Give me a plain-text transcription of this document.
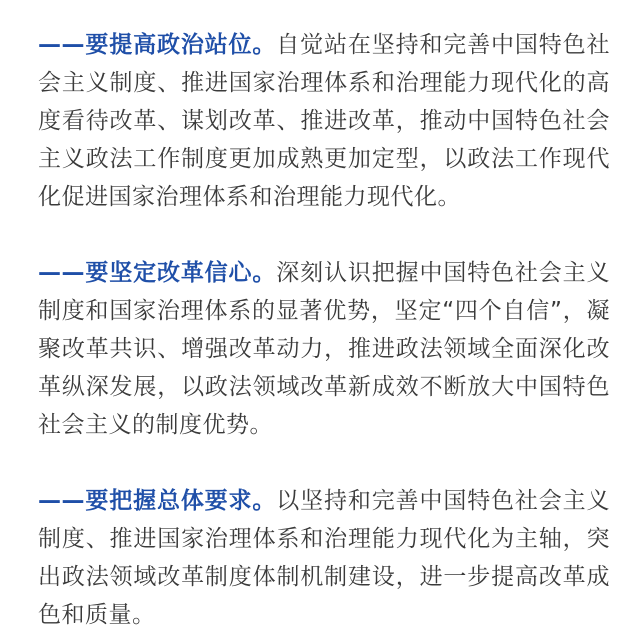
——要提高政治站位。自觉站在坚持和完善中国特色社会主义制度、推进国家治理体系和治理能力现代化的高度看待改革、谋划改革、推进改革，推动中国特色社会主义政法工作制度更加成熟更加定型，以政法工作现代化促进国家治理体系和治理能力现代化。

——要坚定改革信心。深刻认识把握中国特色社会主义制度和国家治理体系的显著优势，坚定“四个自信”，凝聚改革共识、增强改革动力，推进政法领域全面深化改革纵深发展，以政法领域改革新成效不断放大中国特色社会主义的制度优势。

——要把握总体要求。以坚持和完善中国特色社会主义制度、推进国家治理体系和治理能力现代化为主轴，突出政法领域改革制度体制机制建设，进一步提高改革成色和质量。
